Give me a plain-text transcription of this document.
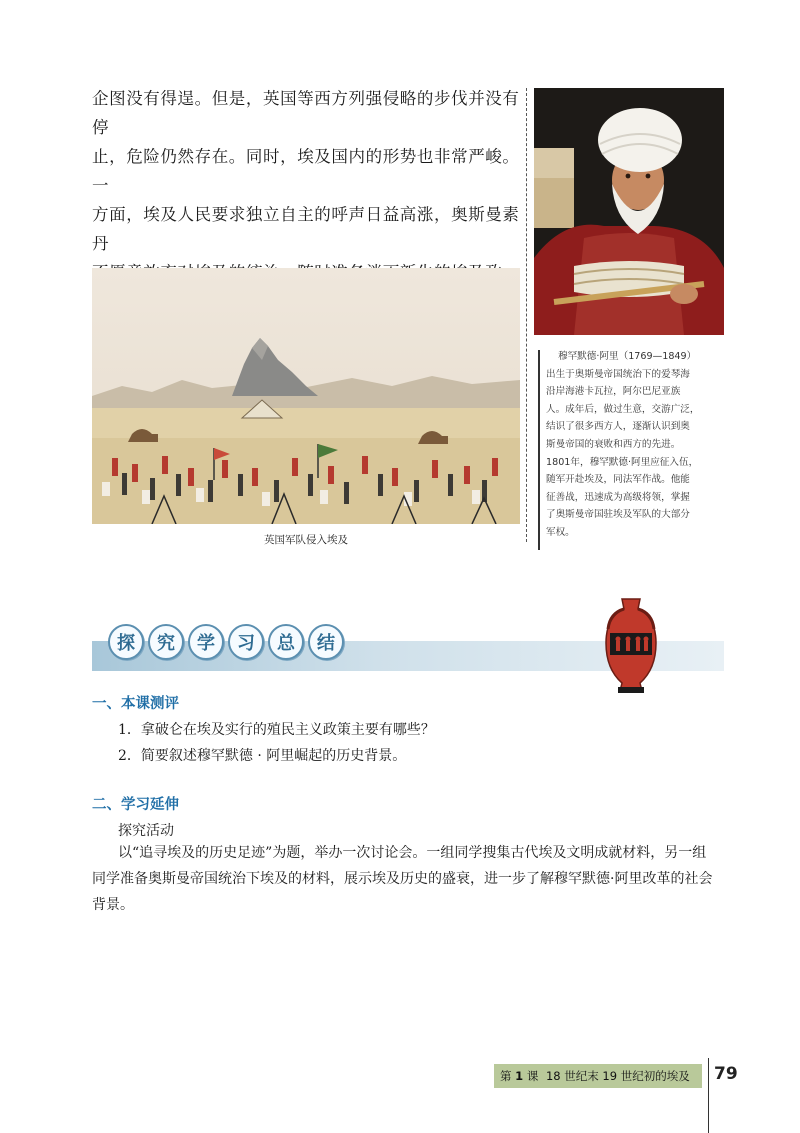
企图没有得逞。但是，英国等西方列强侵略的步伐并没有停

止，危险仍然存在。同时，埃及国内的形势也非常严峻。一

方面，埃及人民要求独立自主的呼声日益高涨，奥斯曼素丹

英国军队侵入埃及

穆罕默德·阿里（1769—1849）

出生于奥斯曼帝国统治下的爱琴海

沿岸海港卡瓦拉，阿尔巴尼亚族

人。成年后，做过生意，交游广泛，

结识了很多西方人，逐渐认识到奥

斯曼帝国的衰败和西方的先进。

1801年，穆罕默德·阿里应征入伍，

随军开赴埃及，同法军作战。他能

征善战，迅速成为高级将领，掌握

了奥斯曼帝国驻埃及军队的大部分

军权。

探	究	学	习	总	结
一、本课测评
1．拿破仑在埃及实行的殖民主义政策主要有哪些？
2．简要叙述穆罕默德 · 阿里崛起的历史背景。
二、学习延伸
探究活动
以“追寻埃及的历史足迹”为题，举办一次讨论会。一组同学搜集古代埃及文明成就材料，另一组
同学准备奥斯曼帝国统治下埃及的材料，展示埃及历史的盛衰，进一步了解穆罕默德·阿里改革的社会
背景。
第 1 课 18 世纪末 19 世纪初的埃及 79
